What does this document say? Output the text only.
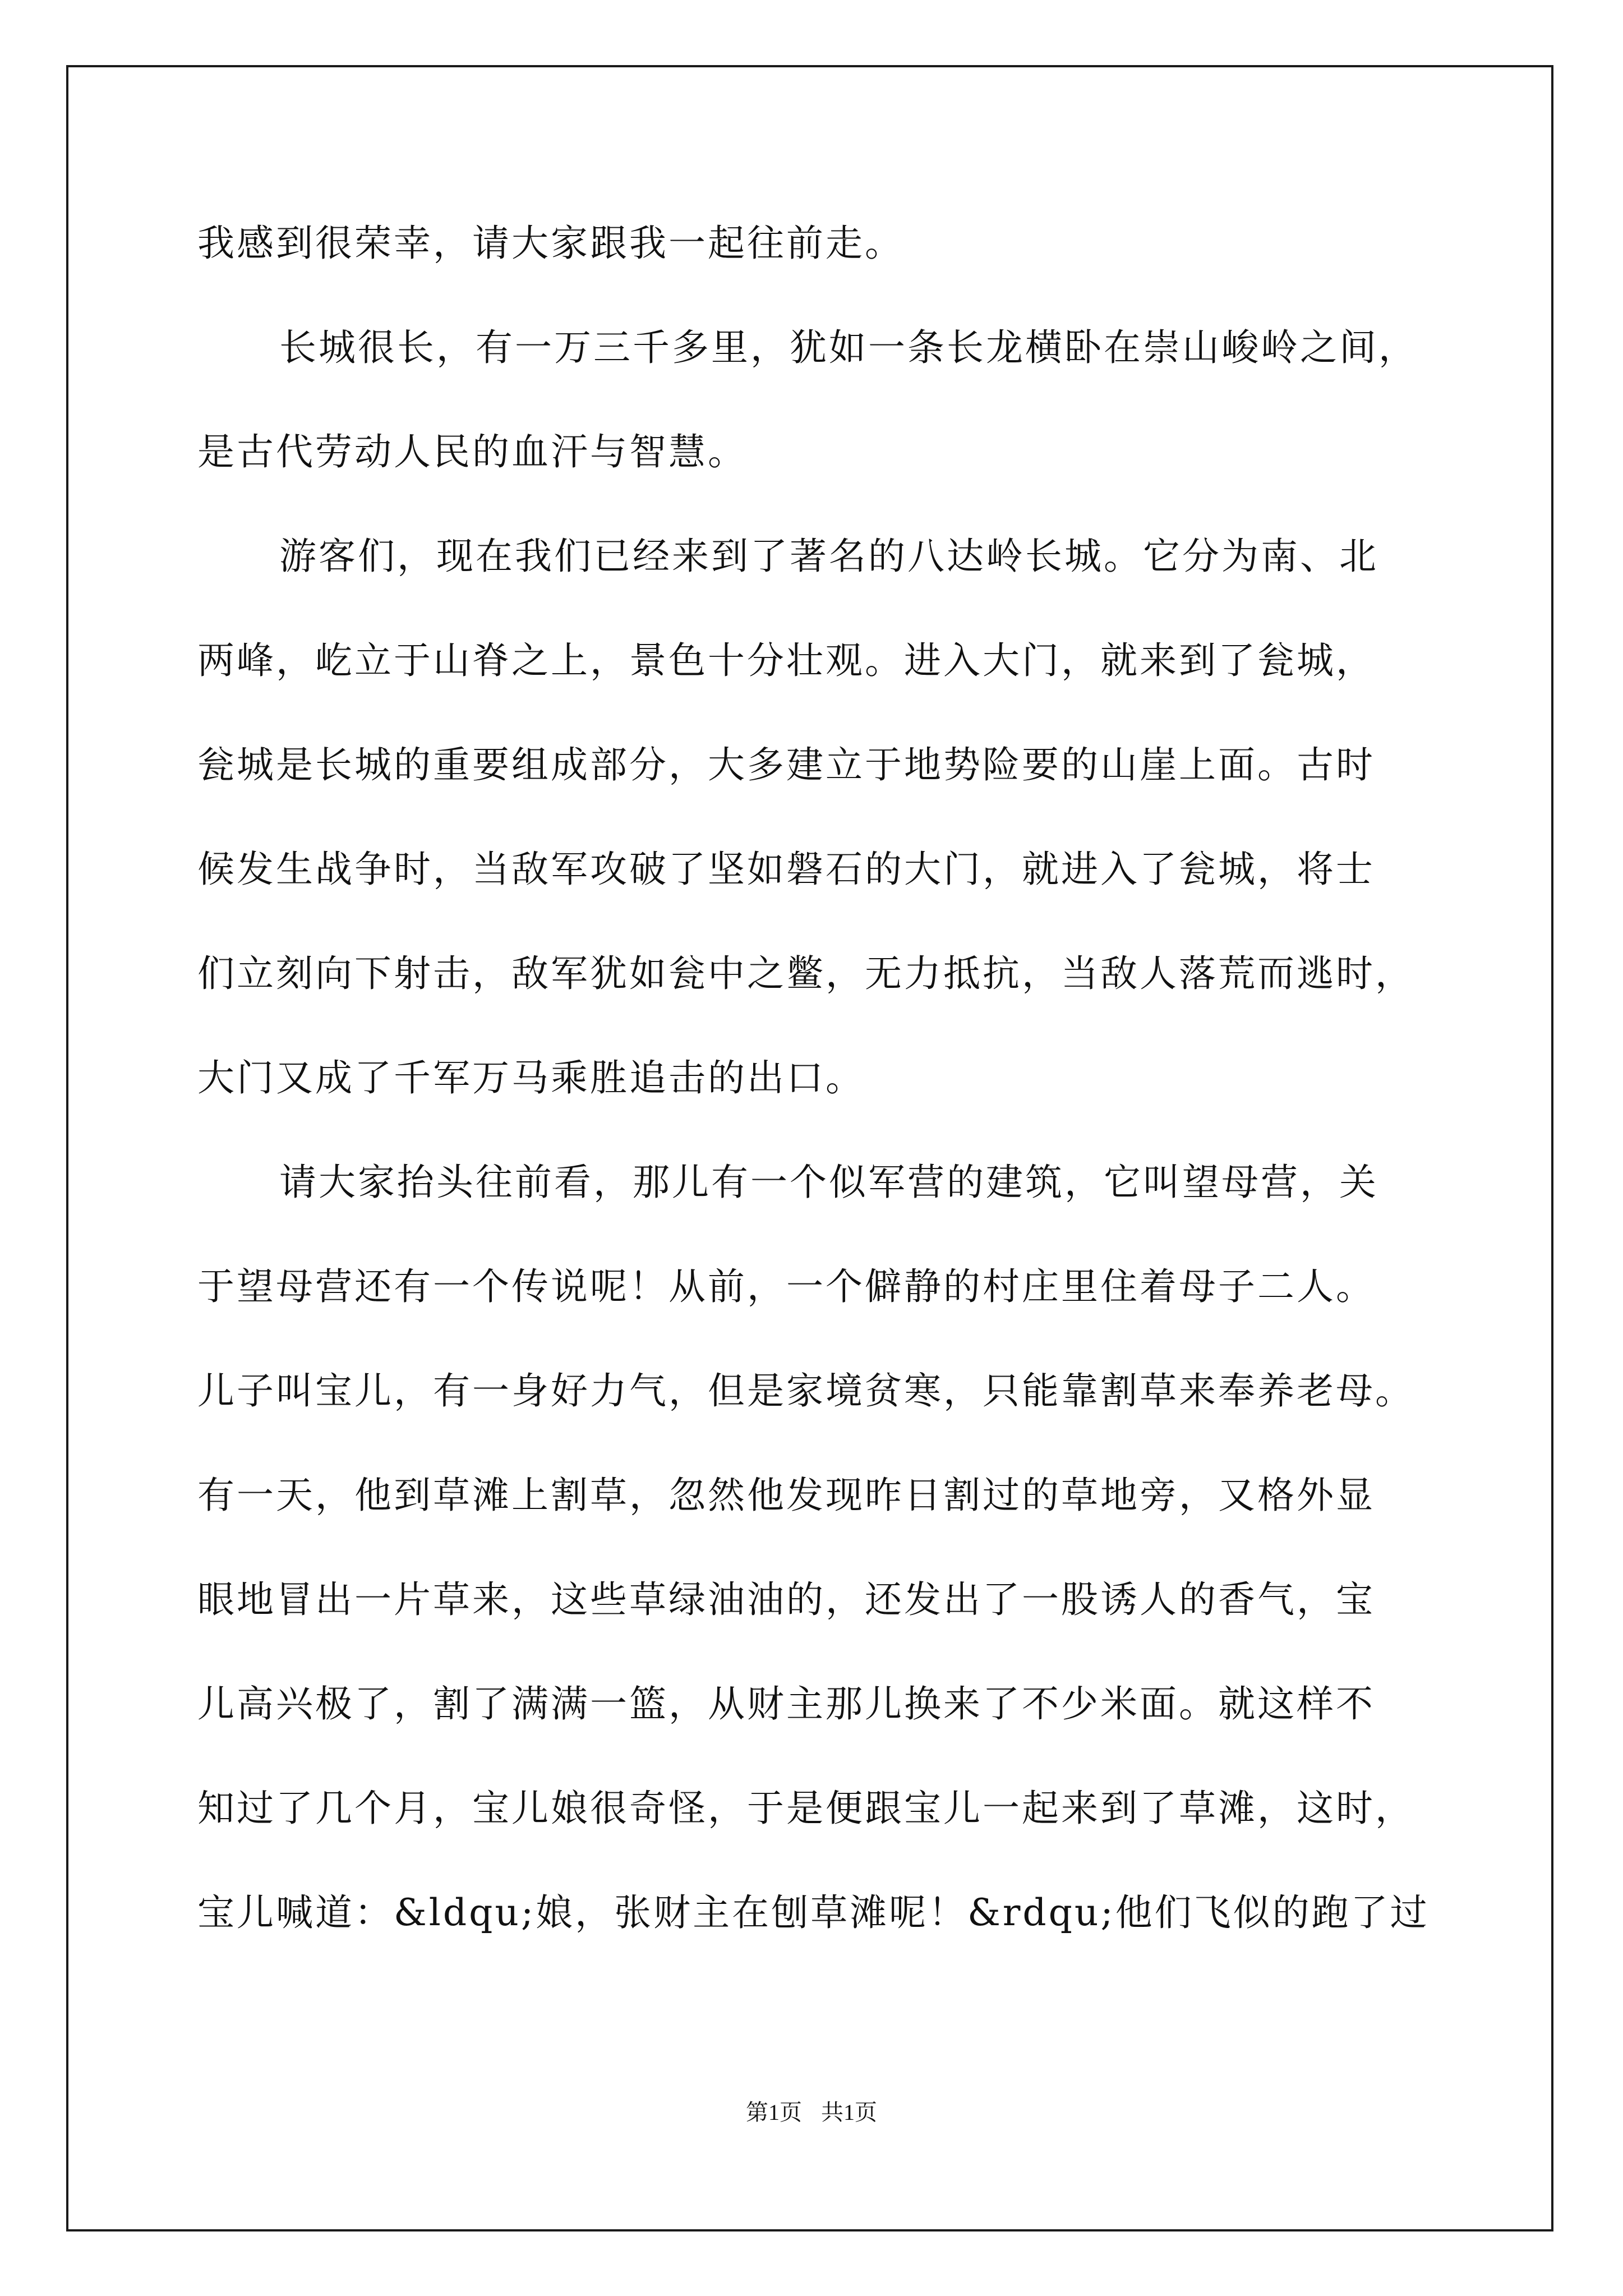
我感到很荣幸，请大家跟我一起往前走。
长城很长，有一万三千多里，犹如一条长龙横卧在崇山峻岭之间，
是古代劳动人民的血汗与智慧。
游客们，现在我们已经来到了著名的八达岭长城。它分为南、北
两峰，屹立于山脊之上，景色十分壮观。进入大门，就来到了瓮城，
瓮城是长城的重要组成部分，大多建立于地势险要的山崖上面。古时
候发生战争时，当敌军攻破了坚如磐石的大门，就进入了瓮城，将士
们立刻向下射击，敌军犹如瓮中之鳖，无力抵抗，当敌人落荒而逃时，
大门又成了千军万马乘胜追击的出口。
请大家抬头往前看，那儿有一个似军营的建筑，它叫望母营，关
于望母营还有一个传说呢！从前，一个僻静的村庄里住着母子二人。
儿子叫宝儿，有一身好力气，但是家境贫寒，只能靠割草来奉养老母。
有一天，他到草滩上割草，忽然他发现昨日割过的草地旁，又格外显
眼地冒出一片草来，这些草绿油油的，还发出了一股诱人的香气，宝
儿高兴极了，割了满满一篮，从财主那儿换来了不少米面。就这样不
知过了几个月，宝儿娘很奇怪，于是便跟宝儿一起来到了草滩，这时，
宝儿喊道：&ldqu;娘，张财主在刨草滩呢！&rdqu;他们飞似的跑了过
第1页 共1页
